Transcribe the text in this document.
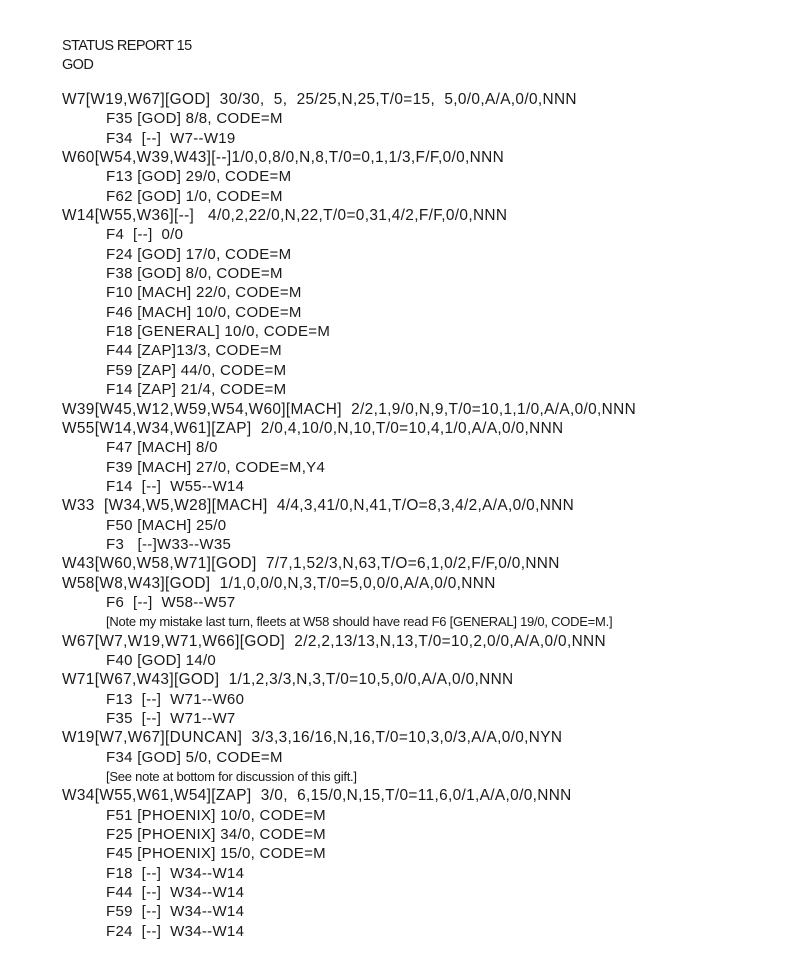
STATUS REPORT 15
GOD
W7[W19,W67][GOD]  30/30,  5,  25/25,N,25,T/0=15,  5,0/0,A/A,0/0,NNN
F35 [GOD] 8/8, CODE=M
F34  [--]  W7--W19
W60[W54,W39,W43][--]1/0,0,8/0,N,8,T/0=0,1,1/3,F/F,0/0,NNN
F13 [GOD] 29/0, CODE=M
F62 [GOD] 1/0, CODE=M
W14[W55,W36][--]   4/0,2,22/0,N,22,T/0=0,31,4/2,F/F,0/0,NNN
F4  [--]  0/0
F24 [GOD] 17/0, CODE=M
F38 [GOD] 8/0, CODE=M
F10 [MACH] 22/0, CODE=M
F46 [MACH] 10/0, CODE=M
F18 [GENERAL] 10/0, CODE=M
F44 [ZAP]13/3, CODE=M
F59 [ZAP] 44/0, CODE=M
F14 [ZAP] 21/4, CODE=M
W39[W45,W12,W59,W54,W60][MACH]  2/2,1,9/0,N,9,T/0=10,1,1/0,A/A,0/0,NNN
W55[W14,W34,W61][ZAP]  2/0,4,10/0,N,10,T/0=10,4,1/0,A/A,0/0,NNN
F47 [MACH] 8/0
F39 [MACH] 27/0, CODE=M,Y4
F14  [--]  W55--W14
W33  [W34,W5,W28][MACH]  4/4,3,41/0,N,41,T/O=8,3,4/2,A/A,0/0,NNN
F50 [MACH] 25/0
F3   [--]W33--W35
W43[W60,W58,W71][GOD]  7/7,1,52/3,N,63,T/O=6,1,0/2,F/F,0/0,NNN
W58[W8,W43][GOD]  1/1,0,0/0,N,3,T/0=5,0,0/0,A/A,0/0,NNN
F6  [--]  W58--W57
[Note my mistake last turn, fleets at W58 should have read F6 [GENERAL] 19/0, CODE=M.]
W67[W7,W19,W71,W66][GOD]  2/2,2,13/13,N,13,T/0=10,2,0/0,A/A,0/0,NNN
F40 [GOD] 14/0
W71[W67,W43][GOD]  1/1,2,3/3,N,3,T/0=10,5,0/0,A/A,0/0,NNN
F13  [--]  W71--W60
F35  [--]  W71--W7
W19[W7,W67][DUNCAN]  3/3,3,16/16,N,16,T/0=10,3,0/3,A/A,0/0,NYN
F34 [GOD] 5/0, CODE=M
[See note at bottom for discussion of this gift.]
W34[W55,W61,W54][ZAP]  3/0,  6,15/0,N,15,T/0=11,6,0/1,A/A,0/0,NNN
F51 [PHOENIX] 10/0, CODE=M
F25 [PHOENIX] 34/0, CODE=M
F45 [PHOENIX] 15/0, CODE=M
F18  [--]  W34--W14
F44  [--]  W34--W14
F59  [--]  W34--W14
F24  [--]  W34--W14
